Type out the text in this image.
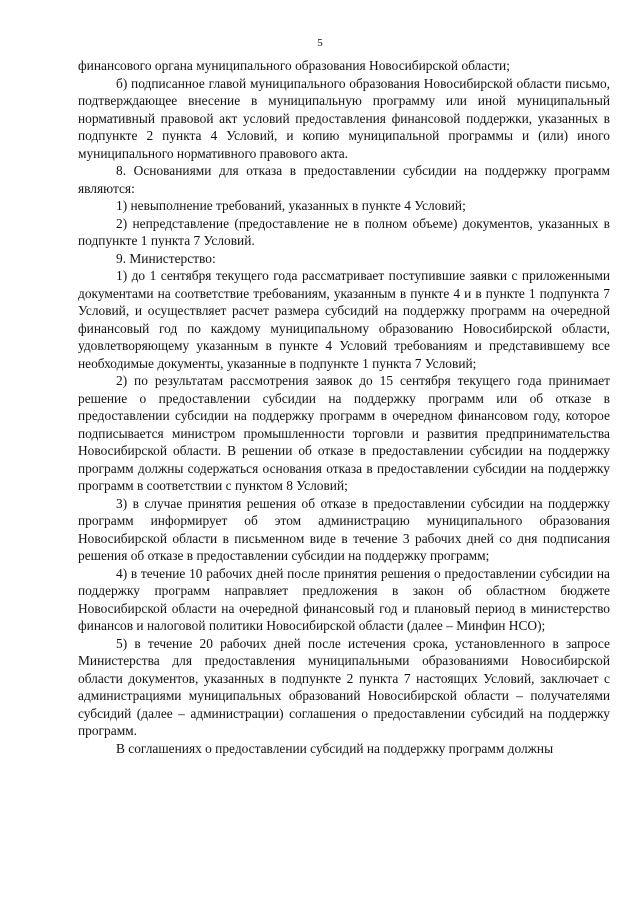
5

финансового органа муниципального образования Новосибирской области;

б) подписанное главой муниципального образования Новосибирской области письмо, подтверждающее внесение в муниципальную программу или иной муниципальный нормативный правовой акт условий предоставления финансовой поддержки, указанных в подпункте 2 пункта 4 Условий, и копию муниципальной программы и (или) иного муниципального нормативного правового акта.

8. Основаниями для отказа в предоставлении субсидии на поддержку программ являются:

1) невыполнение требований, указанных в пункте 4 Условий;

2) непредставление (предоставление не в полном объеме) документов, указанных в подпункте 1 пункта 7 Условий.

9. Министерство:

1) до 1 сентября текущего года рассматривает поступившие заявки с приложенными документами на соответствие требованиям, указанным в пункте 4 и в пункте 1 подпункта 7 Условий, и осуществляет расчет размера субсидий на поддержку программ на очередной финансовый год по каждому муниципальному образованию Новосибирской области, удовлетворяющему указанным в пункте 4 Условий требованиям и представившему все необходимые документы, указанные в подпункте 1 пункта 7 Условий;

2) по результатам рассмотрения заявок до 15 сентября текущего года принимает решение о предоставлении субсидии на поддержку программ или об отказе в предоставлении субсидии на поддержку программ в очередном финансовом году, которое подписывается министром промышленности торговли и развития предпринимательства Новосибирской области. В решении об отказе в предоставлении субсидии на поддержку программ должны содержаться основания отказа в предоставлении субсидии на поддержку программ в соответствии с пунктом 8 Условий;

3) в случае принятия решения об отказе в предоставлении субсидии на поддержку программ информирует об этом администрацию муниципального образования Новосибирской области в письменном виде в течение 3 рабочих дней со дня подписания решения об отказе в предоставлении субсидии на поддержку программ;

4) в течение 10 рабочих дней после принятия решения о предоставлении субсидии на поддержку программ направляет предложения в закон об областном бюджете Новосибирской области на очередной финансовый год и плановый период в министерство финансов и налоговой политики Новосибирской области (далее – Минфин НСО);

5) в течение 20 рабочих дней после истечения срока, установленного в запросе Министерства для предоставления муниципальными образованиями Новосибирской области документов, указанных в подпункте 2 пункта 7 настоящих Условий, заключает с администрациями муниципальных образований Новосибирской области – получателями субсидий (далее – администрации) соглашения о предоставлении субсидий на поддержку программ.

В соглашениях о предоставлении субсидий на поддержку программ должны
